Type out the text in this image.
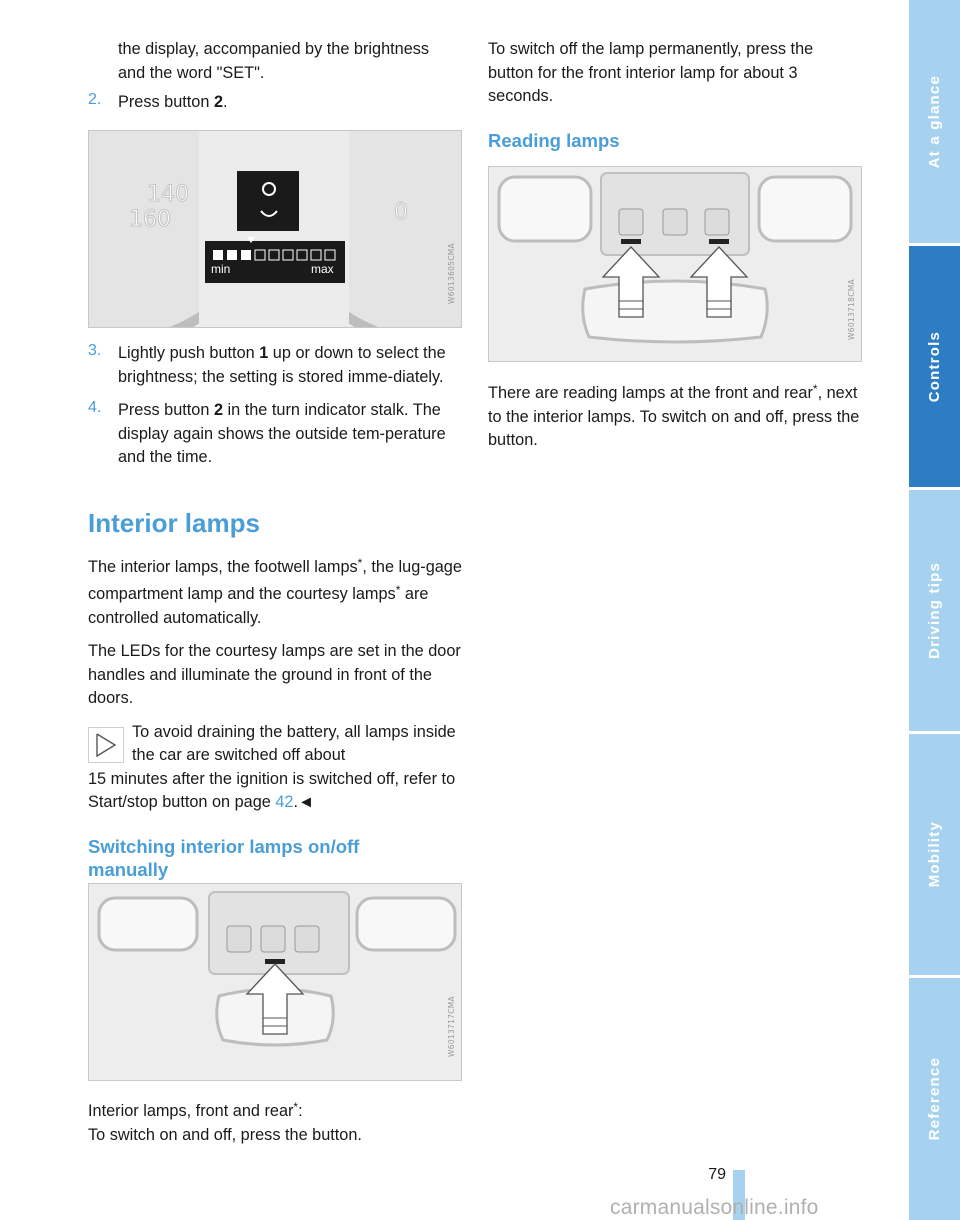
the display, accompanied by the brightness
and the word "SET".

2.	Press button 2.

140
160	0
min	max	W6013605CMA
3.	Lightly push button 1 up or down to select the brightness; the setting is stored imme-diately.

4.	Press button 2 in the turn indicator stalk. The display again shows the outside tem-perature and the time.

Interior lamps

The interior lamps, the footwell lamps*, the lug-gage compartment lamp and the courtesy lamps* are controlled automatically.

The LEDs for the courtesy lamps are set in the door handles and illuminate the ground in front of the doors.

To avoid draining the battery, all lamps inside the car are switched off about

15 minutes after the ignition is switched off, refer to Start/stop button on page 42.◄

Switching interior lamps on/off manually
W6013717CMA

Interior lamps, front and rear*:

To switch on and off, press the button.

To switch off the lamp permanently, press the button for the front interior lamp for about 3 seconds.

Reading lamps
W6013718CMA

There are reading lamps at the front and rear*, next to the interior lamps. To switch on and off, press the button.

At a glance
Controls
Driving tips
Mobility
Reference
79
carmanualsonline.info
